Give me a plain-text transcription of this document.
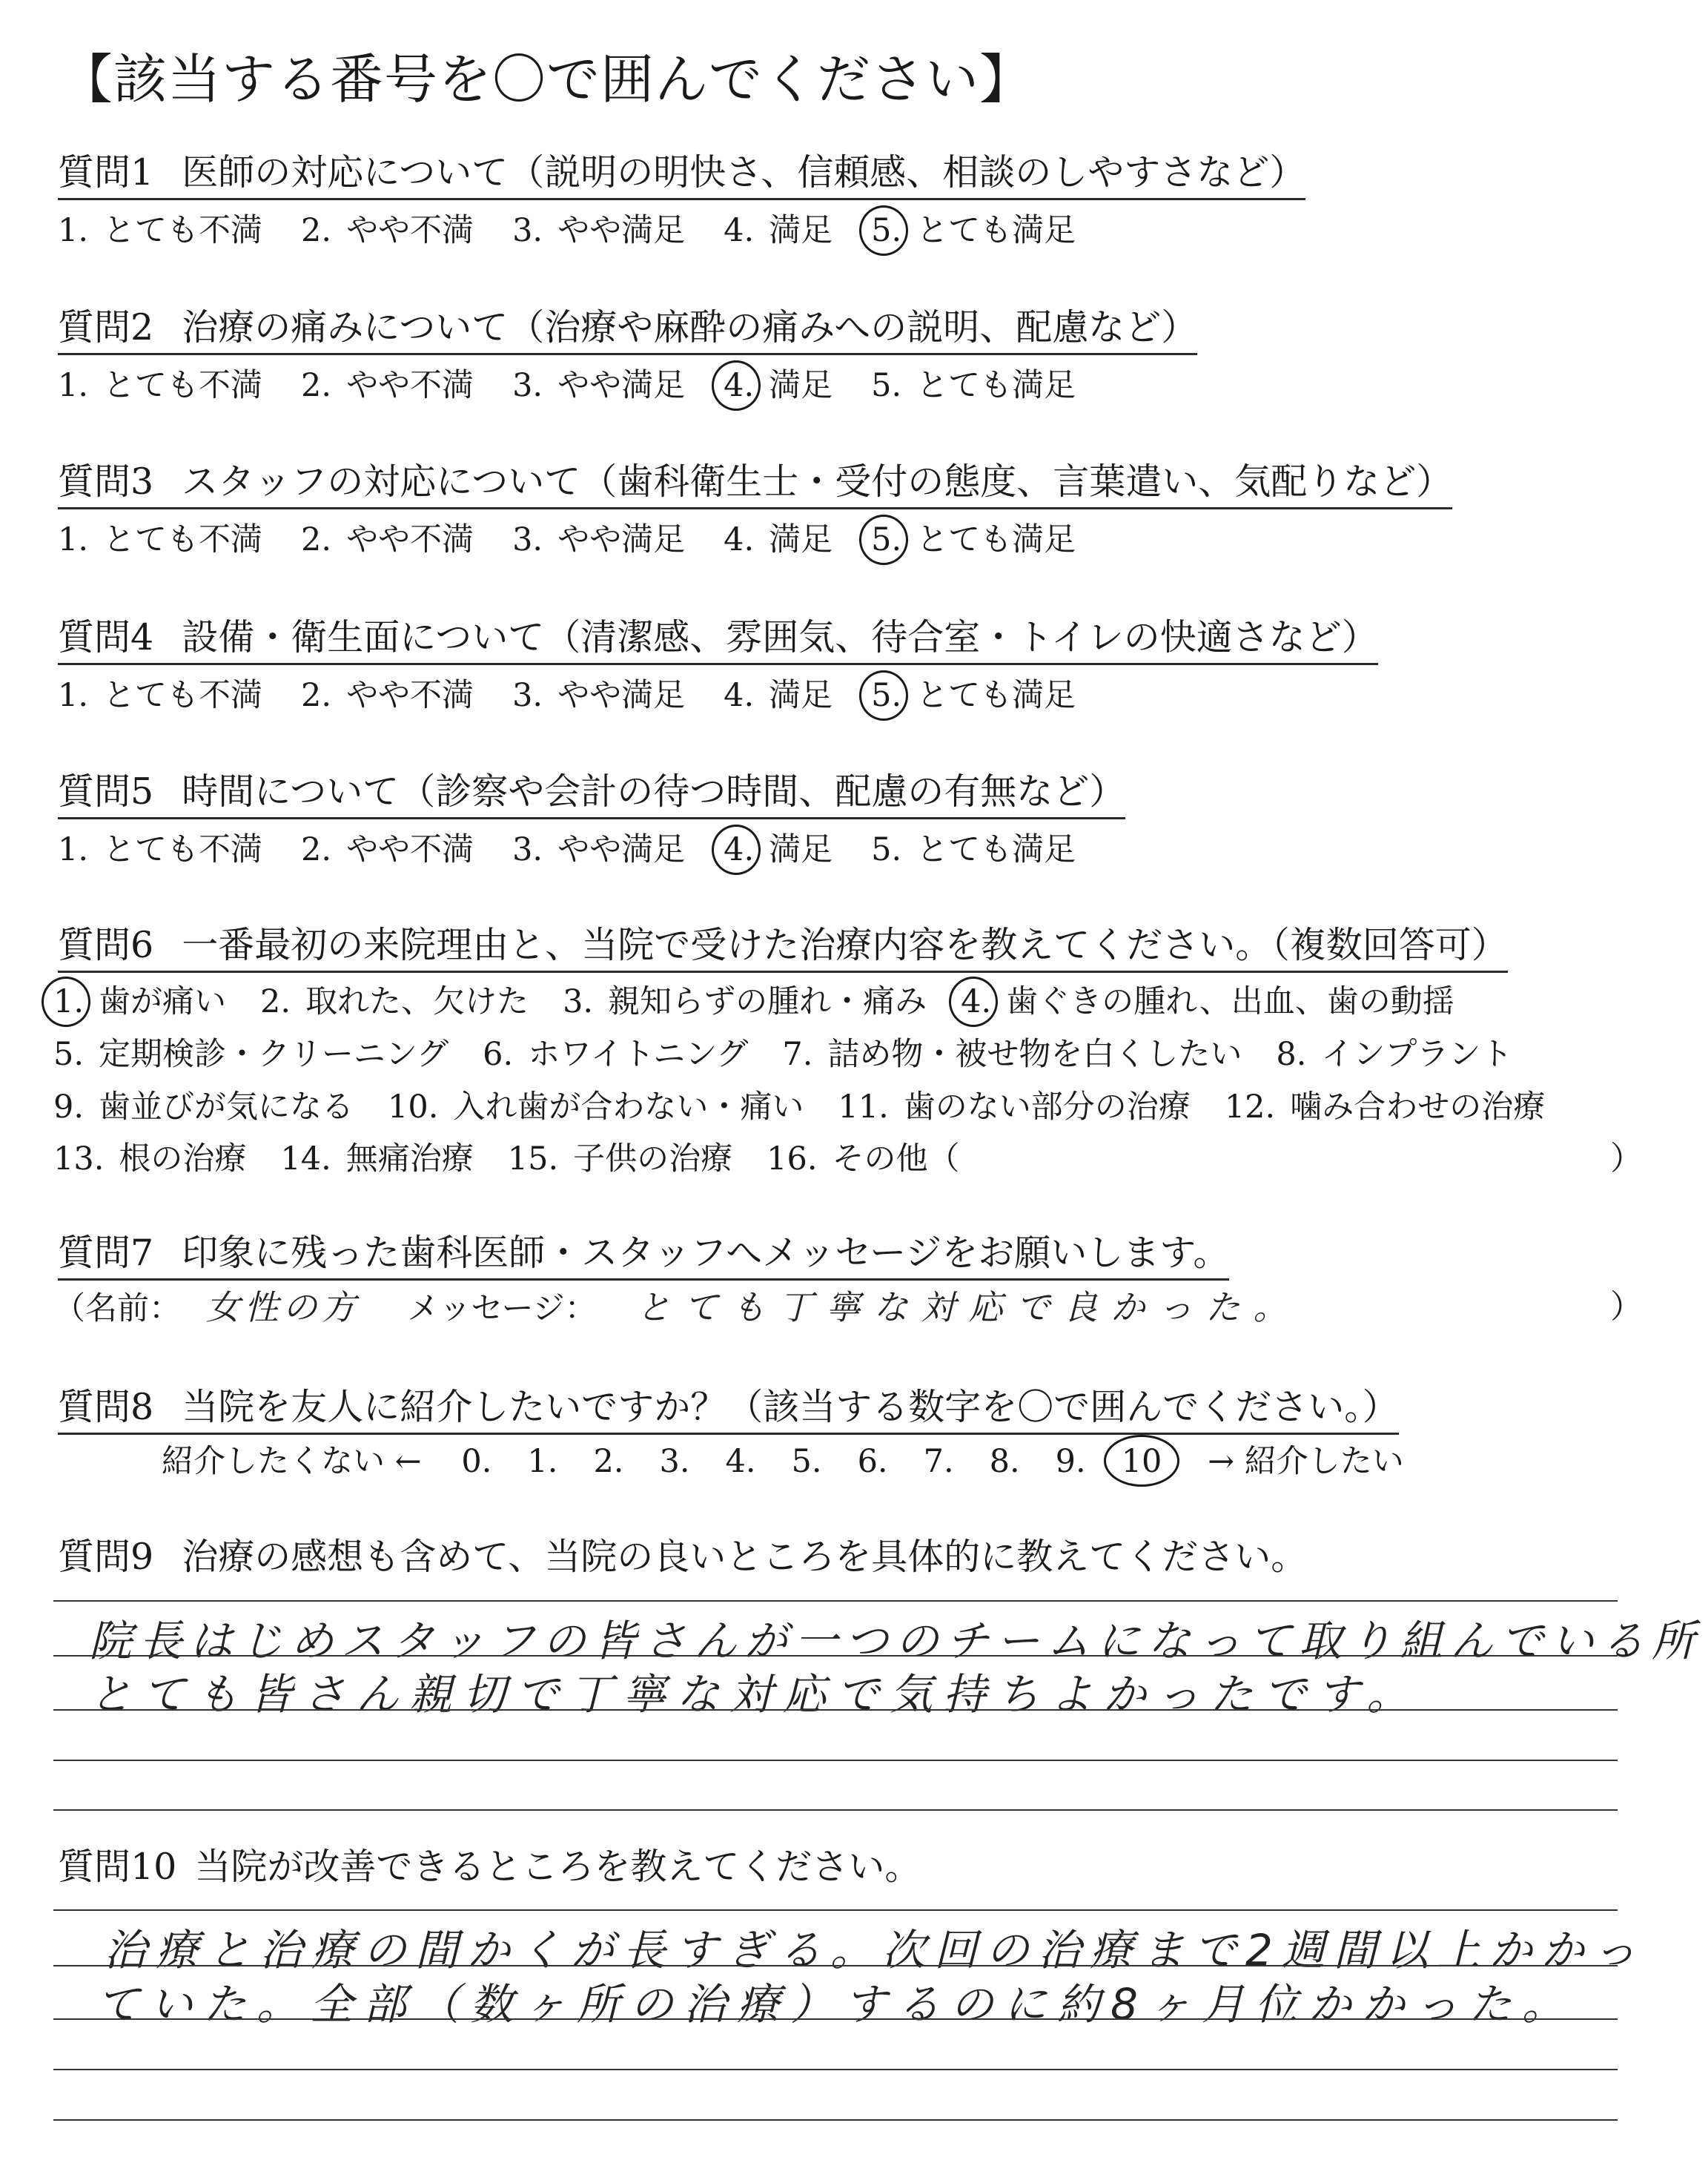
【該当する番号を〇で囲んでください】
質問1 医師の対応について（説明の明快さ、信頼感、相談のしやすさなど）
1. とても不満 2. やや不満 3. やや満足 4. 満足 5. とても満足
質問2 治療の痛みについて（治療や麻酔の痛みへの説明、配慮など）
1. とても不満 2. やや不満 3. やや満足 4. 満足 5. とても満足
質問3 スタッフの対応について（歯科衛生士・受付の態度、言葉遣い、気配りなど）
1. とても不満 2. やや不満 3. やや満足 4. 満足 5. とても満足
質問4 設備・衛生面について（清潔感、雰囲気、待合室・トイレの快適さなど）
1. とても不満 2. やや不満 3. やや満足 4. 満足 5. とても満足
質問5 時間について（診察や会計の待つ時間、配慮の有無など）
1. とても不満 2. やや不満 3. やや満足 4. 満足 5. とても満足
質問6 一番最初の来院理由と、当院で受けた治療内容を教えてください。（複数回答可）
1. 歯が痛い 2. 取れた、欠けた 3. 親知らずの腫れ・痛み 4. 歯ぐきの腫れ、出血、歯の動揺
5. 定期検診・クリーニング 6. ホワイトニング 7. 詰め物・被せ物を白くしたい 8. インプラント
9. 歯並びが気になる 10. 入れ歯が合わない・痛い 11. 歯のない部分の治療 12. 噛み合わせの治療
13. 根の治療 14. 無痛治療 15. 子供の治療 16. その他（	）
質問7 印象に残った歯科医師・スタッフへメッセージをお願いします。
（名前： 女性の方 メッセージ： とても丁寧な対応で良かった。	）
質問8 当院を友人に紹介したいですか？（該当する数字を〇で囲んでください。）
紹介したくない ← 0. 1. 2. 3. 4. 5. 6. 7. 8. 9. 10 → 紹介したい
質問9 治療の感想も含めて、当院の良いところを具体的に教えてください。
院長はじめスタッフの皆さんが一つのチームになって取り組んでいる所
とても皆さん親切で丁寧な対応で気持ちよかったです。
質問10 当院が改善できるところを教えてください。
治療と治療の間かくが長すぎる。次回の治療まで2週間以上かかっ
ていた。全部（数ヶ所の治療）するのに約8ヶ月位かかった。
